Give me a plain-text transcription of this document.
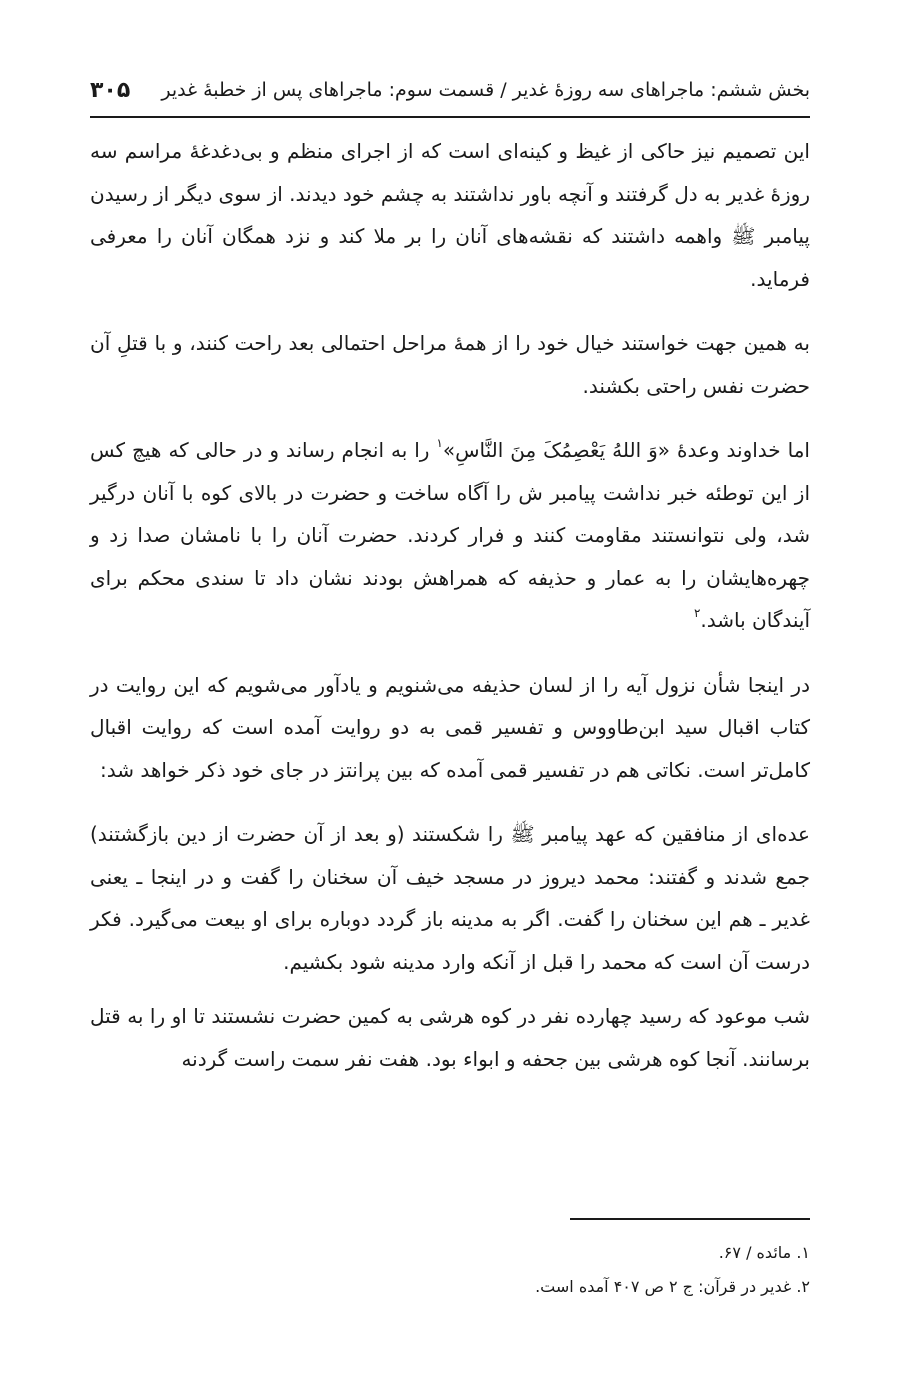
بخش ششم: ماجراهای سه روزۀ غدیر / قسمت سوم: ماجراهای پس از خطبۀ غدیر
۳۰۵

این تصمیم نیز حاکی از غیظ و کینه‌ای است که از اجرای منظم و بی‌دغدغۀ مراسم سه روزۀ غدیر به دل گرفتند و آنچه باور نداشتند به چشم خود دیدند. از سوی دیگر از رسیدن پیامبر ﷺ واهمه داشتند که نقشه‌های آنان را بر ملا کند و نزد همگان آنان را معرفی فرماید.

به همین جهت خواستند خیال خود را از همۀ مراحل احتمالی بعد راحت کنند، و با قتلِ آن حضرت نفس راحتی بکشند.

اما خداوند وعدۀ «وَ اللهُ يَعْصِمُکَ مِنَ النَّاسِ»$^۱$ را به انجام رساند و در حالی که هیچ کس از این توطئه خبر نداشت پیامبر ش را آگاه ساخت و حضرت در بالای کوه با آنان درگیر شد، ولی نتوانستند مقاومت کنند و فرار کردند. حضرت آنان را با نامشان صدا زد و چهره‌هایشان را به عمار و حذیفه که همراهش بودند نشان داد تا سندی محکم برای آیندگان باشد.$^۲$

در اینجا شأن نزول آیه را از لسان حذیفه می‌شنویم و یادآور می‌شویم که این روایت در کتاب اقبال سید ابن‌طاووس و تفسیر قمی به دو روایت آمده است که روایت اقبال کامل‌تر است. نکاتی هم در تفسیر قمی آمده که بین پرانتز در جای خود ذکر خواهد شد:

عده‌ای از منافقین که عهد پیامبر ﷺ را شکستند (و بعد از آن حضرت از دین بازگشتند) جمع شدند و گفتند: محمد دیروز در مسجد خیف آن سخنان را گفت و در اینجا ـ یعنی غدیر ـ هم این سخنان را گفت. اگر به مدینه باز گردد دوباره برای او بیعت می‌گیرد. فکر درست آن است که محمد را قبل از آنکه وارد مدینه شود بکشیم.

شب موعود که رسید چهارده نفر در کوه هرشی به کمین حضرت نشستند تا او را به قتل برسانند. آنجا کوه هرشی بین جحفه و ابواء بود. هفت نفر سمت راست گردنه

۱. مائده / ۶۷.

۲. غدیر در قرآن: ج ۲ ص ۴۰۷ آمده است.
